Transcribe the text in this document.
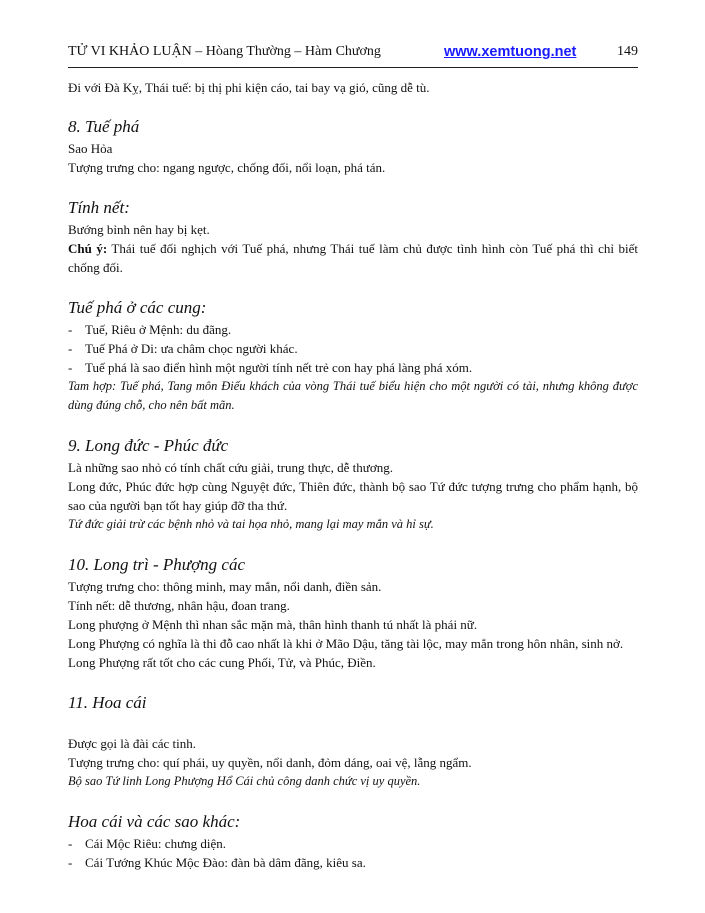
TỬ VI KHẢO LUẬN – Hòang Thường – Hàm Chương	www.xemtuong.net	149

Đi với Đà Kỵ, Thái tuế: bị thị phi kiện cáo, tai bay vạ gió, cũng dễ tù.

8. Tuế phá

Sao Hỏa

Tượng trưng cho: ngang ngược, chống đối, nổi loạn, phá tán.

Tính nết:

Bướng bỉnh nên hay bị kẹt.

Chú ý: Thái tuế đối nghịch với Tuế phá, nhưng Thái tuế làm chủ được tình hình còn Tuế phá thì chỉ biết chống đối.

Tuế phá ở các cung:
- Tuế, Riêu ở Mệnh: du đãng.
- Tuế Phá ở Di: ưa châm chọc người khác.
- Tuế phá là sao điển hình một người tính nết trẻ con hay phá làng phá xóm.

Tam hợp: Tuế phá, Tang môn Điếu khách của vòng Thái tuế biểu hiện cho một người có tài, nhưng không được dùng đúng chỗ, cho nên bất mãn.

9. Long đức - Phúc đức

Là những sao nhỏ có tính chất cứu giải, trung thực, dễ thương.

Long đức, Phúc đức hợp cùng Nguyệt đức, Thiên đức, thành bộ sao Tứ đức tượng trưng cho phẩm hạnh, bộ sao của người bạn tốt hay giúp đỡ tha thứ.

Tứ đức giải trừ các bệnh nhỏ và tai họa nhỏ, mang lại may mắn và hỉ sự.

10. Long trì - Phượng các

Tượng trưng cho: thông minh, may mắn, nổi danh, điền sản.

Tính nết: dễ thương, nhân hậu, đoan trang.

Long phượng ở Mệnh thì nhan sắc mặn mà, thân hình thanh tú nhất là phái nữ.

Long Phượng có nghĩa là thi đỗ cao nhất là khi ở Mão Dậu, tăng tài lộc, may mắn trong hôn nhân, sinh nở.

Long Phượng rất tốt cho các cung Phối, Tử, và Phúc, Điền.

11. Hoa cái

Được gọi là đài các tinh.

Tượng trưng cho: quí phái, uy quyền, nổi danh, đỏm dáng, oai vệ, lẵng ngẩm.

Bộ sao Tứ linh Long Phượng Hổ Cái chủ công danh chức vị uy quyền.

Hoa cái và các sao khác:
- Cái Mộc Riêu: chưng diện.
- Cái Tướng Khúc Mộc Đào: đàn bà dâm đãng, kiêu sa.
